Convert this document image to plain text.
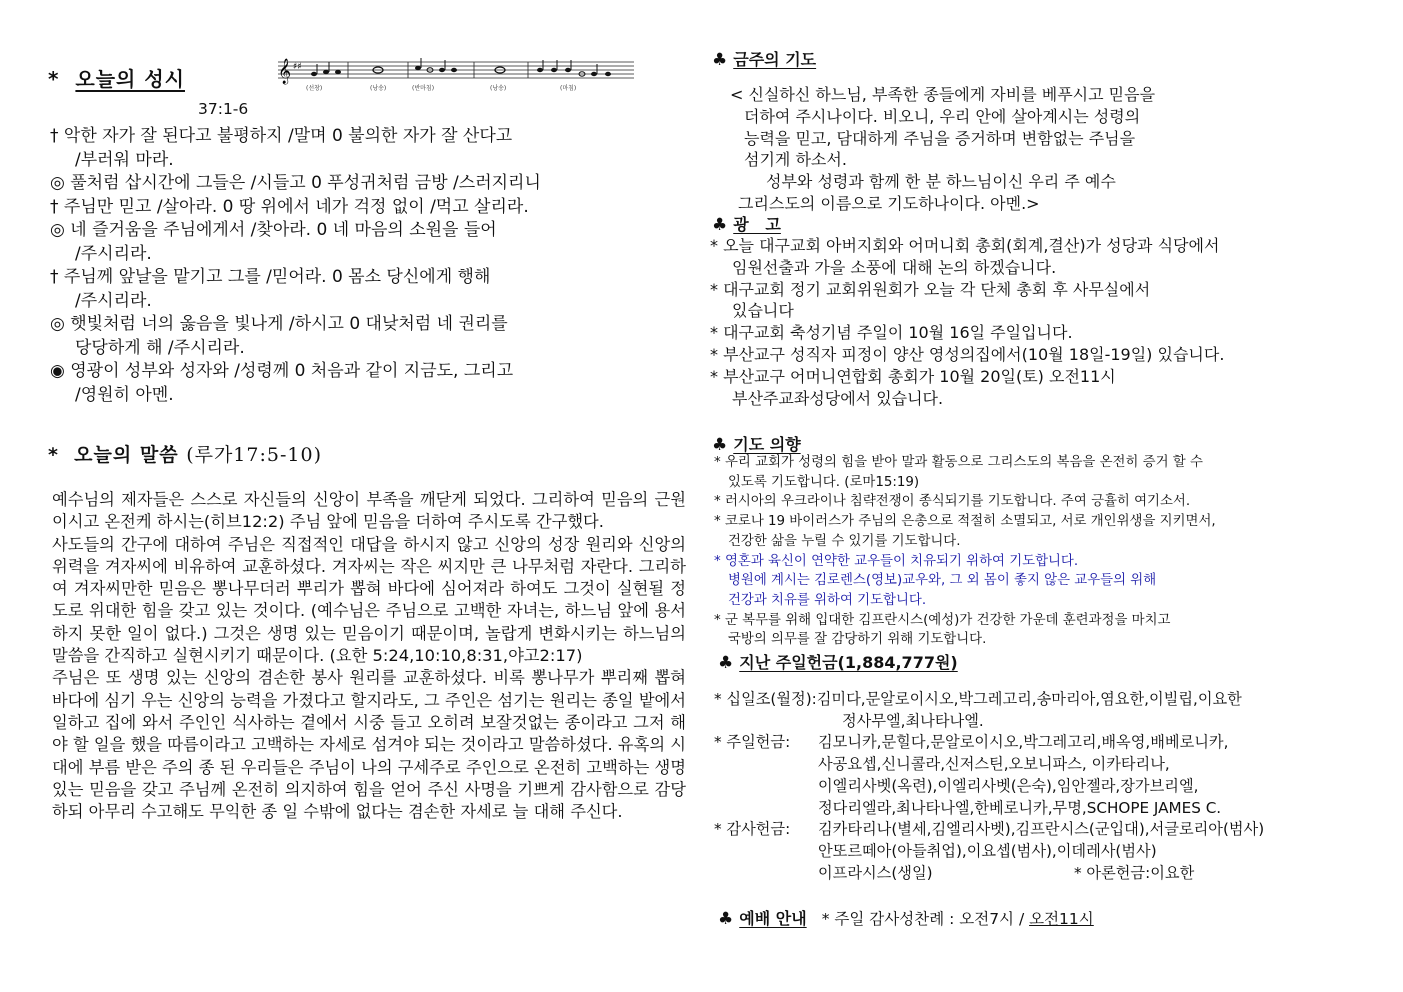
* 오늘의 성시	𝄞 ♯♯
(선창)	(낭송)	(반마침)	(낭송)	(마침)
37:1-6
† 악한 자가 잘 된다고 불평하지 /말며 0 불의한 자가 잘 산다고
/부러워 마라.
◎ 풀처럼 삽시간에 그들은 /시들고 0 푸성귀처럼 금방 /스러지리니
† 주님만 믿고 /살아라. 0 땅 위에서 네가 걱정 없이 /먹고 살리라.
◎ 네 즐거움을 주님에게서 /찾아라. 0 네 마음의 소원을 들어
/주시리라.
† 주님께 앞날을 맡기고 그를 /믿어라. 0 몸소 당신에게 행해
/주시리라.
◎ 햇빛처럼 너의 옳음을 빛나게 /하시고 0 대낮처럼 네 권리를
당당하게 해 /주시리라.
◉ 영광이 성부와 성자와 /성령께 0 처음과 같이 지금도, 그리고
/영원히 아멘.
* 오늘의 말씀 (루가17:5-10)

예수님의 제자들은 스스로 자신들의 신앙이 부족을 깨닫게 되었다. 그리하여 믿음의 근원이시고 온전케 하시는(히브12:2) 주님 앞에 믿음을 더하여 주시도록 간구했다.

사도들의 간구에 대하여 주님은 직접적인 대답을 하시지 않고 신앙의 성장 원리와 신앙의 위력을 겨자씨에 비유하여 교훈하셨다. 겨자씨는 작은 씨지만 큰 나무처럼 자란다. 그리하여 겨자씨만한 믿음은 뽕나무더러 뿌리가 뽑혀 바다에 심어져라 하여도 그것이 실현될 정도로 위대한 힘을 갖고 있는 것이다. (예수님은 주님으로 고백한 자녀는, 하느님 앞에 용서하지 못한 일이 없다.) 그것은 생명 있는 믿음이기 때문이며, 놀랍게 변화시키는 하느님의 말씀을 간직하고 실현시키기 때문이다. (요한 5:24,10:10,8:31,야고2:17)

주님은 또 생명 있는 신앙의 겸손한 봉사 원리를 교훈하셨다. 비록 뽕나무가 뿌리째 뽑혀 바다에 심기 우는 신앙의 능력을 가졌다고 할지라도, 그 주인은 섬기는 원리는 종일 밭에서 일하고 집에 와서 주인인 식사하는 곁에서 시중 들고 오히려 보잘것없는 종이라고 그저 해야 할 일을 했을 따름이라고 고백하는 자세로 섬겨야 되는 것이라고 말씀하셨다. 유혹의 시대에 부름 받은 주의 종 된 우리들은 주님이 나의 구세주로 주인으로 온전히 고백하는 생명 있는 믿음을 갖고 주님께 온전히 의지하여 힘을 얻어 주신 사명을 기쁘게 감사함으로 감당하되 아무리 수고해도 무익한 종 일 수밖에 없다는 겸손한 자세로 늘 대해 주신다.

♣ 금주의 기도
< 신실하신 하느님, 부족한 종들에게 자비를 베푸시고 믿음을
더하여 주시나이다. 비오니, 우리 안에 살아계시는 성령의
능력을 믿고, 담대하게 주님을 증거하며 변함없는 주님을
섬기게 하소서.
성부와 성령과 함께 한 분 하느님이신 우리 주 예수
그리스도의 이름으로 기도하나이다. 아멘.>
♣ 광   고
* 오늘 대구교회 아버지회와 어머니회 총회(회계,결산)가 성당과 식당에서
임원선출과 가을 소풍에 대해 논의 하겠습니다.
* 대구교회 정기 교회위원회가 오늘 각 단체 총회 후 사무실에서
있습니다
* 대구교회 축성기념 주일이 10월 16일 주일입니다.
* 부산교구 성직자 피정이 양산 영성의집에서(10월 18일-19일) 있습니다.
* 부산교구 어머니연합회 총회가 10월 20일(토) 오전11시
부산주교좌성당에서 있습니다.
♣ 기도 의향
* 우리 교회가 성령의 힘을 받아 말과 활동으로 그리스도의 복음을 온전히 증거 할 수
있도록 기도합니다. (로마15:19)
* 러시아의 우크라이나 침략전쟁이 종식되기를 기도합니다. 주여 긍휼히 여기소서.
* 코로나 19 바이러스가 주님의 은총으로 적절히 소멸되고, 서로 개인위생을 지키면서,
건강한 삶을 누릴 수 있기를 기도합니다.
* 영혼과 육신이 연약한 교우들이 치유되기 위하여 기도합니다.
병원에 계시는 김로렌스(영보)교우와, 그 외 몸이 좋지 않은 교우들의 위해
건강과 치유를 위하여 기도합니다.
* 군 복무를 위해 입대한 김프란시스(예성)가 건강한 가운데 훈련과정을 마치고
국방의 의무를 잘 감당하기 위해 기도합니다.
♣ 지난 주일헌금(1,884,777원)
* 십일조(월정):김미다,문알로이시오,박그레고리,송마리아,염요한,이빌립,이요한
정사무엘,최나타나엘.
* 주일헌금: 김모니카,문힐다,문알로이시오,박그레고리,배옥영,배베로니카,
사공요셉,신니콜라,신저스틴,오보니파스, 이카타리나,
이엘리사벳(옥련),이엘리사벳(은숙),임안젤라,장가브리엘,
정다리엘라,최나타나엘,한베로니카,무명,SCHOPE JAMES C.
* 감사헌금: 김카타리나(별세,김엘리사벳),김프란시스(군입대),서글로리아(범사)
안또르떼아(아들취업),이요셉(범사),이데레사(범사)
이프라시스(생일)	* 아론헌금:이요한
♣ 예배 안내 * 주일 감사성찬례 : 오전7시 / 오전11시
